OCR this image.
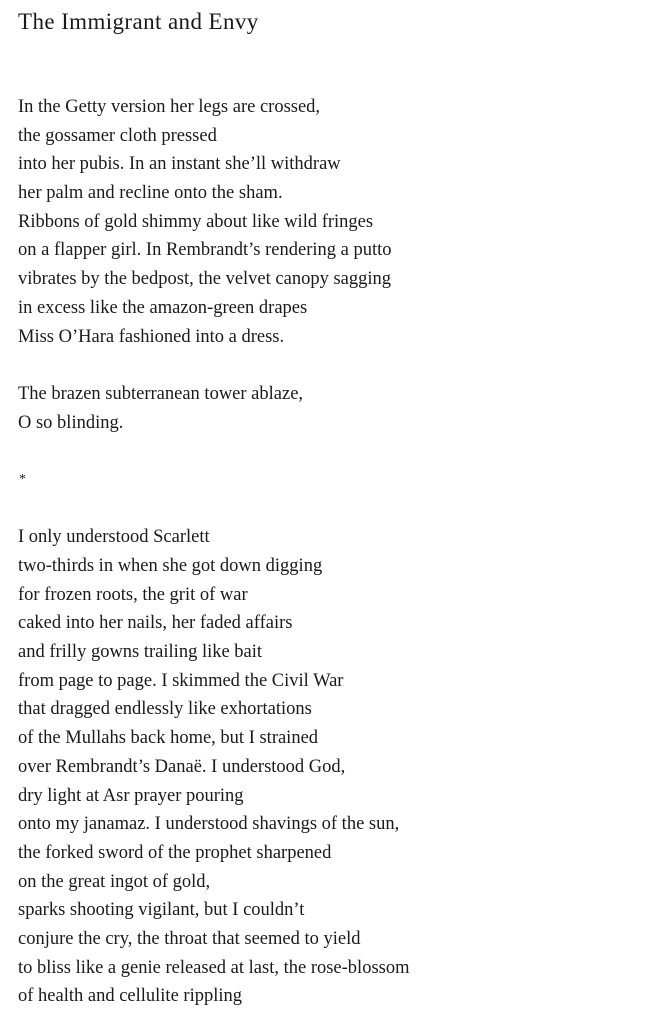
The Immigrant and Envy
In the Getty version her legs are crossed,
the gossamer cloth pressed
into her pubis. In an instant she’ll withdraw
her palm and recline onto the sham.
Ribbons of gold shimmy about like wild fringes
on a flapper girl. In Rembrandt’s rendering a putto
vibrates by the bedpost, the velvet canopy sagging
in excess like the amazon-green drapes
Miss O’Hara fashioned into a dress.
The brazen subterranean tower ablaze,
O so blinding.
*
I only understood Scarlett
two-thirds in when she got down digging
for frozen roots, the grit of war
caked into her nails, her faded affairs
and frilly gowns trailing like bait
from page to page. I skimmed the Civil War
that dragged endlessly like exhortations
of the Mullahs back home, but I strained
over Rembrandt’s Danaë. I understood God,
dry light at Asr prayer pouring
onto my janamaz. I understood shavings of the sun,
the forked sword of the prophet sharpened
on the great ingot of gold,
sparks shooting vigilant, but I couldn’t
conjure the cry, the throat that seemed to yield
to bliss like a genie released at last, the rose-blossom
of health and cellulite rippling
